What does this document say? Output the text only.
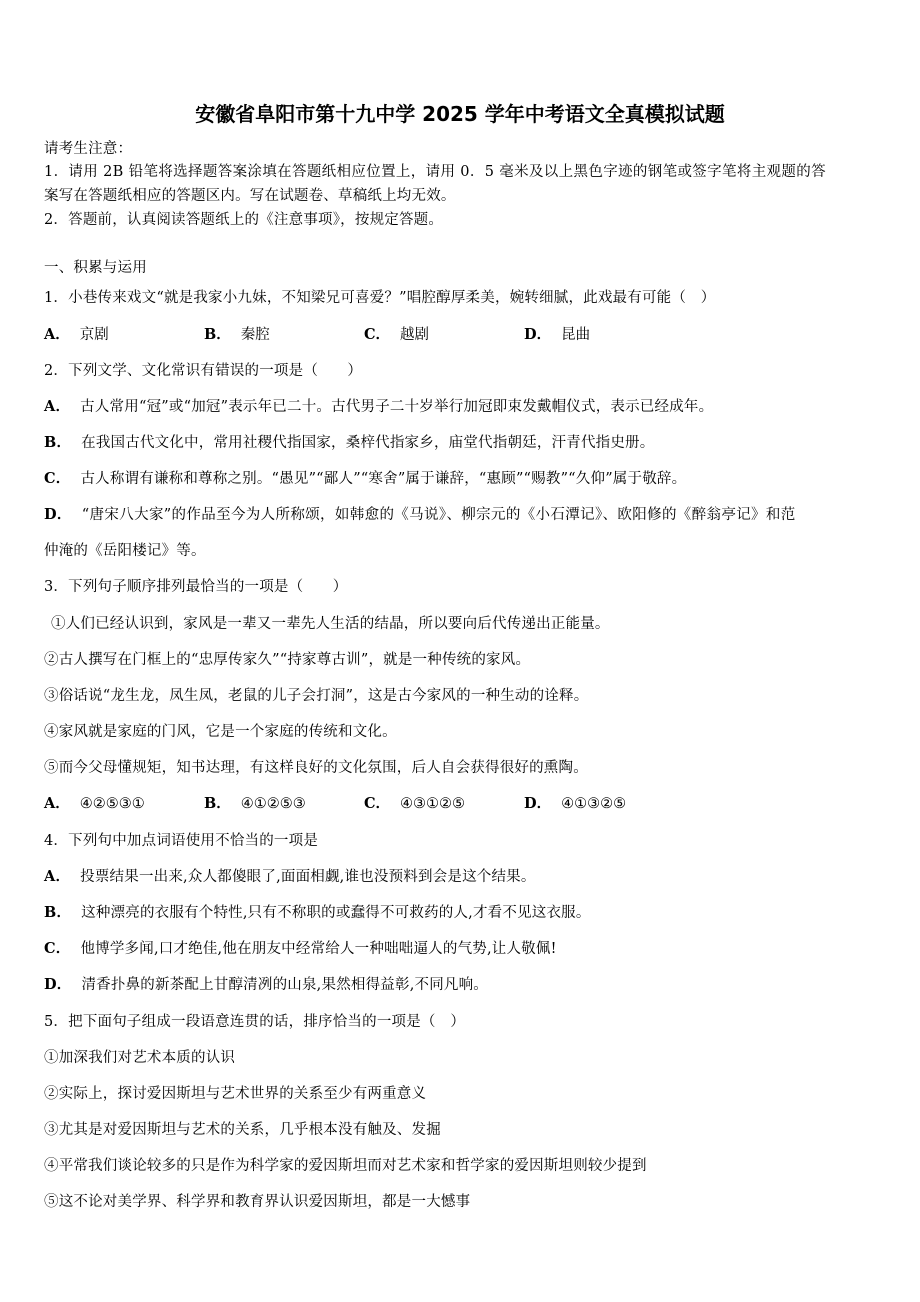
安徽省阜阳市第十九中学 2025 学年中考语文全真模拟试题
请考生注意：
1．请用 2B 铅笔将选择题答案涂填在答题纸相应位置上，请用 0．5 毫米及以上黑色字迹的钢笔或签字笔将主观题的答
案写在答题纸相应的答题区内。写在试题卷、草稿纸上均无效。
2．答题前，认真阅读答题纸上的《注意事项》，按规定答题。
一、积累与运用
1．小巷传来戏文“就是我家小九妹，不知梁兄可喜爱？”唱腔醇厚柔美，婉转细腻，此戏最有可能（　）
A． 京剧	B． 秦腔	C． 越剧	D． 昆曲
2．下列文学、文化常识有错误的一项是（　　）
A． 古人常用“冠”或“加冠”表示年已二十。古代男子二十岁举行加冠即束发戴帽仪式，表示已经成年。
B． 在我国古代文化中，常用社稷代指国家，桑梓代指家乡，庙堂代指朝廷，汗青代指史册。
C． 古人称谓有谦称和尊称之别。“愚见”“鄙人”“寒舍”属于谦辞，“惠顾”“赐教”“久仰”属于敬辞。
D． “唐宋八大家”的作品至今为人所称颂，如韩愈的《马说》、柳宗元的《小石潭记》、欧阳修的《醉翁亭记》和范
仲淹的《岳阳楼记》等。
3．下列句子顺序排列最恰当的一项是（　　）
①人们已经认识到，家风是一辈又一辈先人生活的结晶，所以要向后代传递出正能量。
②古人撰写在门框上的“忠厚传家久”“持家尊古训”，就是一种传统的家风。
③俗话说“龙生龙，凤生凤，老鼠的儿子会打洞”，这是古今家风的一种生动的诠释。
④家风就是家庭的门风，它是一个家庭的传统和文化。
⑤而今父母懂规矩，知书达理，有这样良好的文化氛围，后人自会获得很好的熏陶。
A． ④②⑤③①	B． ④①②⑤③	C． ④③①②⑤	D． ④①③②⑤
4．下列句中加点词语使用不恰当的一项是
A． 投票结果一出来,众人都傻眼了,面面相觑,谁也没预料到会是这个结果。
B． 这种漂亮的衣服有个特性,只有不称职的或蠢得不可救药的人,才看不见这衣服。
C． 他博学多闻,口才绝佳,他在朋友中经常给人一种咄咄逼人的气势,让人敬佩!
D． 清香扑鼻的新茶配上甘醇清冽的山泉,果然相得益彰,不同凡响。
5．把下面句子组成一段语意连贯的话，排序恰当的一项是（　）
①加深我们对艺术本质的认识
②实际上，探讨爱因斯坦与艺术世界的关系至少有两重意义
③尤其是对爱因斯坦与艺术的关系，几乎根本没有触及、发掘
④平常我们谈论较多的只是作为科学家的爱因斯坦而对艺术家和哲学家的爱因斯坦则较少提到
⑤这不论对美学界、科学界和教育界认识爱因斯坦，都是一大憾事
